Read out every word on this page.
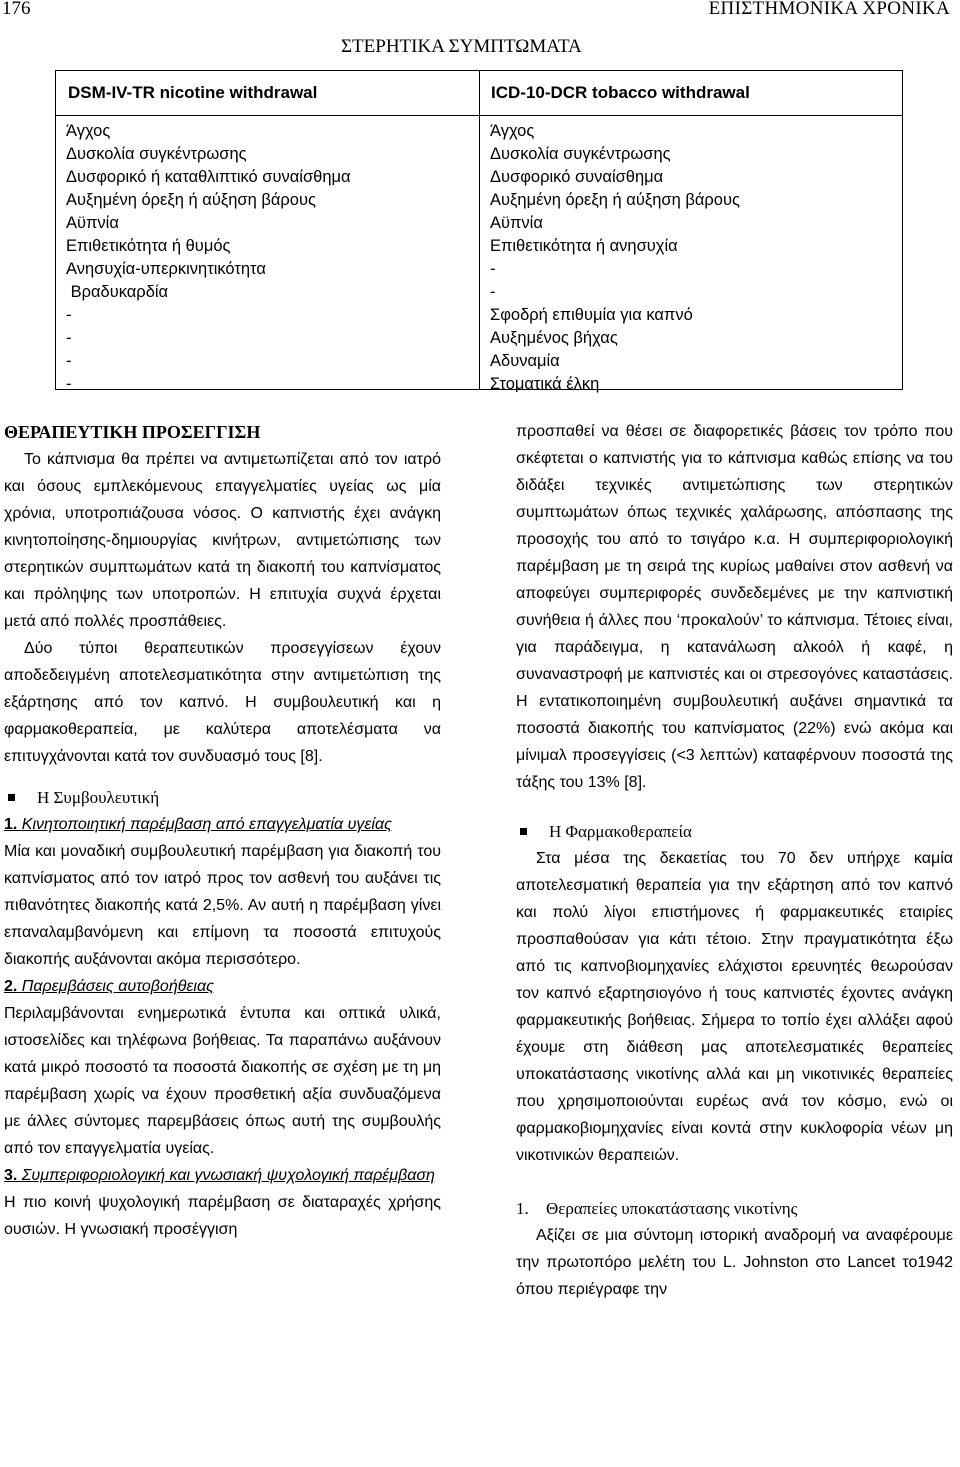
176	ΕΠΙΣΤΗΜΟΝΙΚΑ ΧΡΟΝΙΚΑ
ΣΤΕΡΗΤΙΚΑ ΣΥΜΠΤΩΜΑΤΑ
DSM-IV-TR nicotine withdrawal	ICD-10-DCR tobacco withdrawal
Άγχος
Δυσκολία συγκέντρωσης
Δυσφορικό ή καταθλιπτικό συναίσθημα
Αυξημένη όρεξη ή αύξηση βάρους
Αϋπνία
Επιθετικότητα ή θυμός
Ανησυχία-υπερκινητικότητα
Βραδυκαρδία
-
-
-
-
Άγχος
Δυσκολία συγκέντρωσης
Δυσφορικό συναίσθημα
Αυξημένη όρεξη ή αύξηση βάρους
Αϋπνία
Επιθετικότητα ή ανησυχία
-
-
Σφοδρή επιθυμία για καπνό
Αυξημένος βήχας
Αδυναμία
Στοματικά έλκη

ΘΕΡΑΠΕΥΤΙΚΗ ΠΡΟΣΕΓΓΙΣΗ

Το κάπνισμα θα πρέπει να αντιμετωπίζεται από τον ιατρό και όσους εμπλεκόμενους επαγγελματίες υγείας ως μία χρόνια, υποτροπιάζουσα νόσος. Ο καπνιστής έχει ανάγκη κινητοποίησης-δημιουργίας κινήτρων, αντιμετώπισης των στερητικών συμπτωμάτων κατά τη διακοπή του καπνίσματος και πρόληψης των υποτροπών. Η επιτυχία συχνά έρχεται μετά από πολλές προσπάθειες.

Δύο τύποι θεραπευτικών προσεγγίσεων έχουν αποδεδειγμένη αποτελεσματικότητα στην αντιμετώπιση της εξάρτησης από τον καπνό. Η συμβουλευτική και η φαρμακοθεραπεία, με καλύτερα αποτελέσματα να επιτυγχάνονται κατά τον συνδυασμό τους [8].

Η Συμβουλευτική

1. Κινητοποιητική παρέμβαση από επαγγελματία υγείας

Μία και μοναδική συμβουλευτική παρέμβαση για διακοπή του καπνίσματος από τον ιατρό προς τον ασθενή του αυξάνει τις πιθανότητες διακοπής κατά 2,5%. Αν αυτή η παρέμβαση γίνει επαναλαμβανόμενη και επίμονη τα ποσοστά επιτυχούς διακοπής αυξάνονται ακόμα περισσότερο.

2. Παρεμβάσεις αυτοβοήθειας

Περιλαμβάνονται ενημερωτικά έντυπα και οπτικά υλικά, ιστοσελίδες και τηλέφωνα βοήθειας. Τα παραπάνω αυξάνουν κατά μικρό ποσοστό τα ποσοστά διακοπής σε σχέση με τη μη παρέμβαση χωρίς να έχουν προσθετική αξία συνδυαζόμενα με άλλες σύντομες παρεμβάσεις όπως αυτή της συμβουλής από τον επαγγελματία υγείας.

3. Συμπεριφοριολογική και γνωσιακή ψυχολογική παρέμβαση

Η πιο κοινή ψυχολογική παρέμβαση σε διαταραχές χρήσης ουσιών. Η γνωσιακή προσέγγιση

προσπαθεί να θέσει σε διαφορετικές βάσεις τον τρόπο που σκέφτεται ο καπνιστής για το κάπνισμα καθώς επίσης να του διδάξει τεχνικές αντιμετώπισης των στερητικών συμπτωμάτων όπως τεχνικές χαλάρωσης, απόσπασης της προσοχής του από το τσιγάρο κ.α. Η συμπεριφοριολογική παρέμβαση με τη σειρά της κυρίως μαθαίνει στον ασθενή να αποφεύγει συμπεριφορές συνδεδεμένες με την καπνιστική συνήθεια ή άλλες που ‘προκαλούν’ το κάπνισμα. Τέτοιες είναι, για παράδειγμα, η κατανάλωση αλκοόλ ή καφέ, η συναναστροφή με καπνιστές και οι στρεσογόνες καταστάσεις. Η εντατικοποιημένη συμβουλευτική αυξάνει σημαντικά τα ποσοστά διακοπής του καπνίσματος (22%) ενώ ακόμα και μίνιμαλ προσεγγίσεις (<3 λεπτών) καταφέρνουν ποσοστά της τάξης του 13% [8].

Η Φαρμακοθεραπεία

Στα μέσα της δεκαετίας του 70 δεν υπήρχε καμία αποτελεσματική θεραπεία για την εξάρτηση από τον καπνό και πολύ λίγοι επιστήμονες ή φαρμακευτικές εταιρίες προσπαθούσαν για κάτι τέτοιο. Στην πραγματικότητα έξω από τις καπνοβιομηχανίες ελάχιστοι ερευνητές θεωρούσαν τον καπνό εξαρτησιογόνο ή τους καπνιστές έχοντες ανάγκη φαρμακευτικής βοήθειας. Σήμερα το τοπίο έχει αλλάξει αφού έχουμε στη διάθεση μας αποτελεσματικές θεραπείες υποκατάστασης νικοτίνης αλλά και μη νικοτινικές θεραπείες που χρησιμοποιούνται ευρέως ανά τον κόσμο, ενώ οι φαρμακοβιομηχανίες είναι κοντά στην κυκλοφορία νέων μη νικοτινικών θεραπειών.

1. Θεραπείες υποκατάστασης νικοτίνης

Αξίζει σε μια σύντομη ιστορική αναδρομή να αναφέρουμε την πρωτοπόρο μελέτη του L. Johnston στο Lancet το1942 όπου περιέγραφε την
